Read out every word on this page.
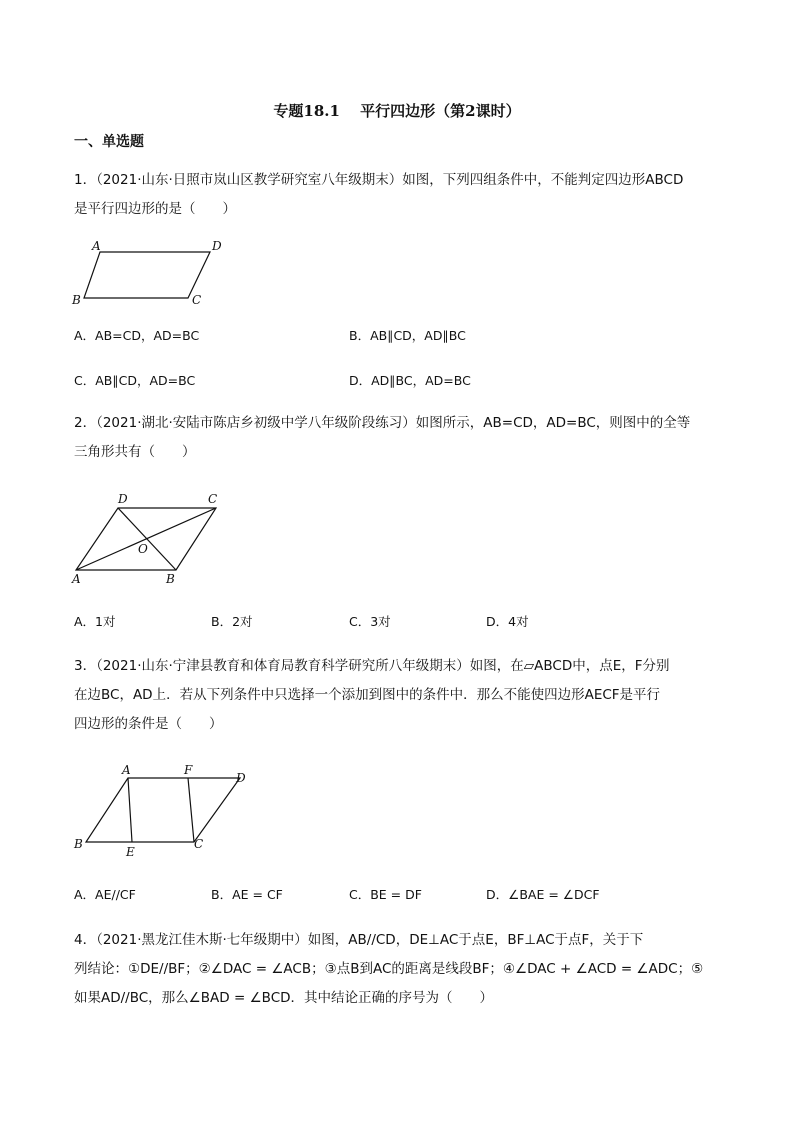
专题18.1　 平行四边形（第2课时）
一、单选题
1．（2021·山东·日照市岚山区教学研究室八年级期末）如图，下列四组条件中，不能判定四边形ABCD
是平行四边形的是（　　）
A	D
B	C
A．AB=CD，AD=BC	B．AB∥CD，AD∥BC
C．AB∥CD，AD=BC	D．AD∥BC，AD=BC
2．（2021·湖北·安陆市陈店乡初级中学八年级阶段练习）如图所示，AB=CD，AD=BC，则图中的全等
三角形共有（　　）
D	C
O
A	B
A．1对	B．2对	C．3对	D．4对
3．（2021·山东·宁津县教育和体育局教育科学研究所八年级期末）如图，在▱ABCD中，点E，F分别
在边BC，AD上．若从下列条件中只选择一个添加到图中的条件中．那么不能使四边形AECF是平行
四边形的条件是（　　）
A	F
D
B
E
C
A．AE//CF	B．AE = CF	C．BE = DF	D．∠BAE = ∠DCF
4．（2021·黑龙江佳木斯·七年级期中）如图，AB//CD，DE⊥AC于点E，BF⊥AC于点F，关于下
列结论：①DE//BF；②∠DAC = ∠ACB；③点B到AC的距离是线段BF；④∠DAC + ∠ACD = ∠ADC；⑤
如果AD//BC，那么∠BAD = ∠BCD．其中结论正确的序号为（　　）
